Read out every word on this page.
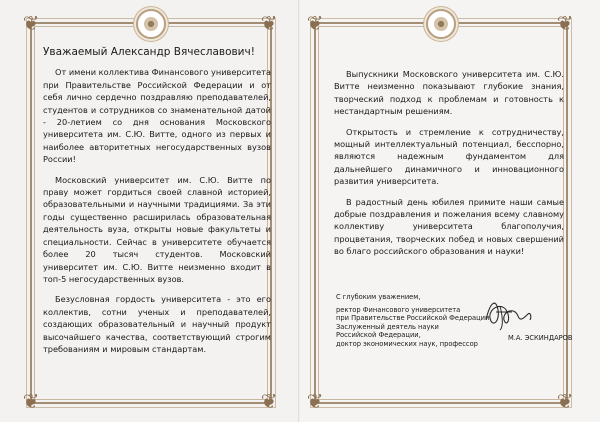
❦	❦
❦	❦

Уважаемый Александр Вячеславович!

От имени коллектива Финансового университета при Правительстве Российской Федерации и от себя лично сердечно поздравляю преподавателей, студентов и сотрудников со знаменательной датой - 20-летием со дня основания Московского университета им. С.Ю. Витте, одного из первых и наиболее авторитетных негосударственных вузов России!

Московский университет им. С.Ю. Витте по праву может гордиться своей славной историей, образовательными и научными традициями. За эти годы существенно расширилась образовательная деятельность вуза, открыты новые факультеты и специальности. Сейчас в университете обучается более 20 тысяч студентов. Московский университет им. С.Ю. Витте неизменно входит в топ-5 негосударственных вузов.

Безусловная гордость университета - это его коллектив, сотни ученых и преподавателей, создающих образовательный и научный продукт высочайшего качества, соответствующий строгим требованиям и мировым стандартам.

❦	❦
❦	❦

Выпускники Московского университета им. С.Ю. Витте неизменно показывают глубокие знания, творческий подход к проблемам и готовность к нестандартным решениям.

Открытость и стремление к сотрудничеству, мощный интеллектуальный потенциал, бесспорно, являются надежным фундаментом для дальнейшего динамичного и инновационного развития университета.

В радостный день юбилея примите наши самые добрые поздравления и пожелания всему славному коллективу университета благополучия, процветания, творческих побед и новых свершений во благо российского образования и науки!

С глубоким уважением,
ректор Финансового университета
при Правительстве Российской Федерации
Заслуженный деятель науки
Российской Федерации,
доктор экономических наук, профессор
М.А. ЭСКИНДАРОВ
